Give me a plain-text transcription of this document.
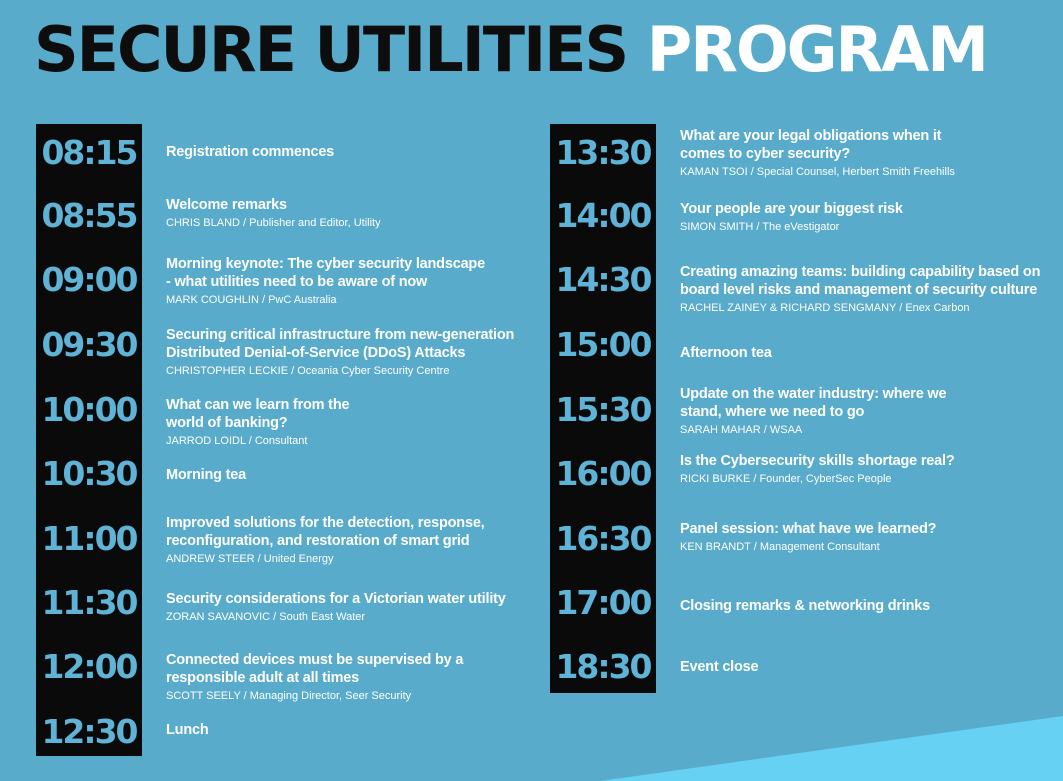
SECURE UTILITIES PROGRAM
08:15	Registration commences
08:55	Welcome remarks
CHRIS BLAND / Publisher and Editor, Utility
09:00	Morning keynote: The cyber security landscape
- what utilities need to be aware of now
MARK COUGHLIN / PwC Australia
09:30	Securing critical infrastructure from new-generation
Distributed Denial-of-Service (DDoS) Attacks
CHRISTOPHER LECKIE / Oceania Cyber Security Centre
10:00	What can we learn from the
world of banking?
JARROD LOIDL / Consultant
10:30	Morning tea
11:00	Improved solutions for the detection, response,
reconfiguration, and restoration of smart grid
ANDREW STEER / United Energy
11:30	Security considerations for a Victorian water utility
ZORAN SAVANOVIC / South East Water
12:00	Connected devices must be supervised by a
responsible adult at all times
SCOTT SEELY / Managing Director, Seer Security
12:30	Lunch
13:30	What are your legal obligations when it
comes to cyber security?
KAMAN TSOI / Special Counsel, Herbert Smith Freehills
14:00	Your people are your biggest risk
SIMON SMITH / The eVestigator
14:30	Creating amazing teams: building capability based on
board level risks and management of security culture
RACHEL ZAINEY & RICHARD SENGMANY / Enex Carbon
15:00	Afternoon tea
15:30	Update on the water industry: where we
stand, where we need to go
SARAH MAHAR / WSAA
16:00	Is the Cybersecurity skills shortage real?
RICKI BURKE / Founder, CyberSec People
16:30	Panel session: what have we learned?
KEN BRANDT / Management Consultant
17:00	Closing remarks & networking drinks
18:30	Event close
